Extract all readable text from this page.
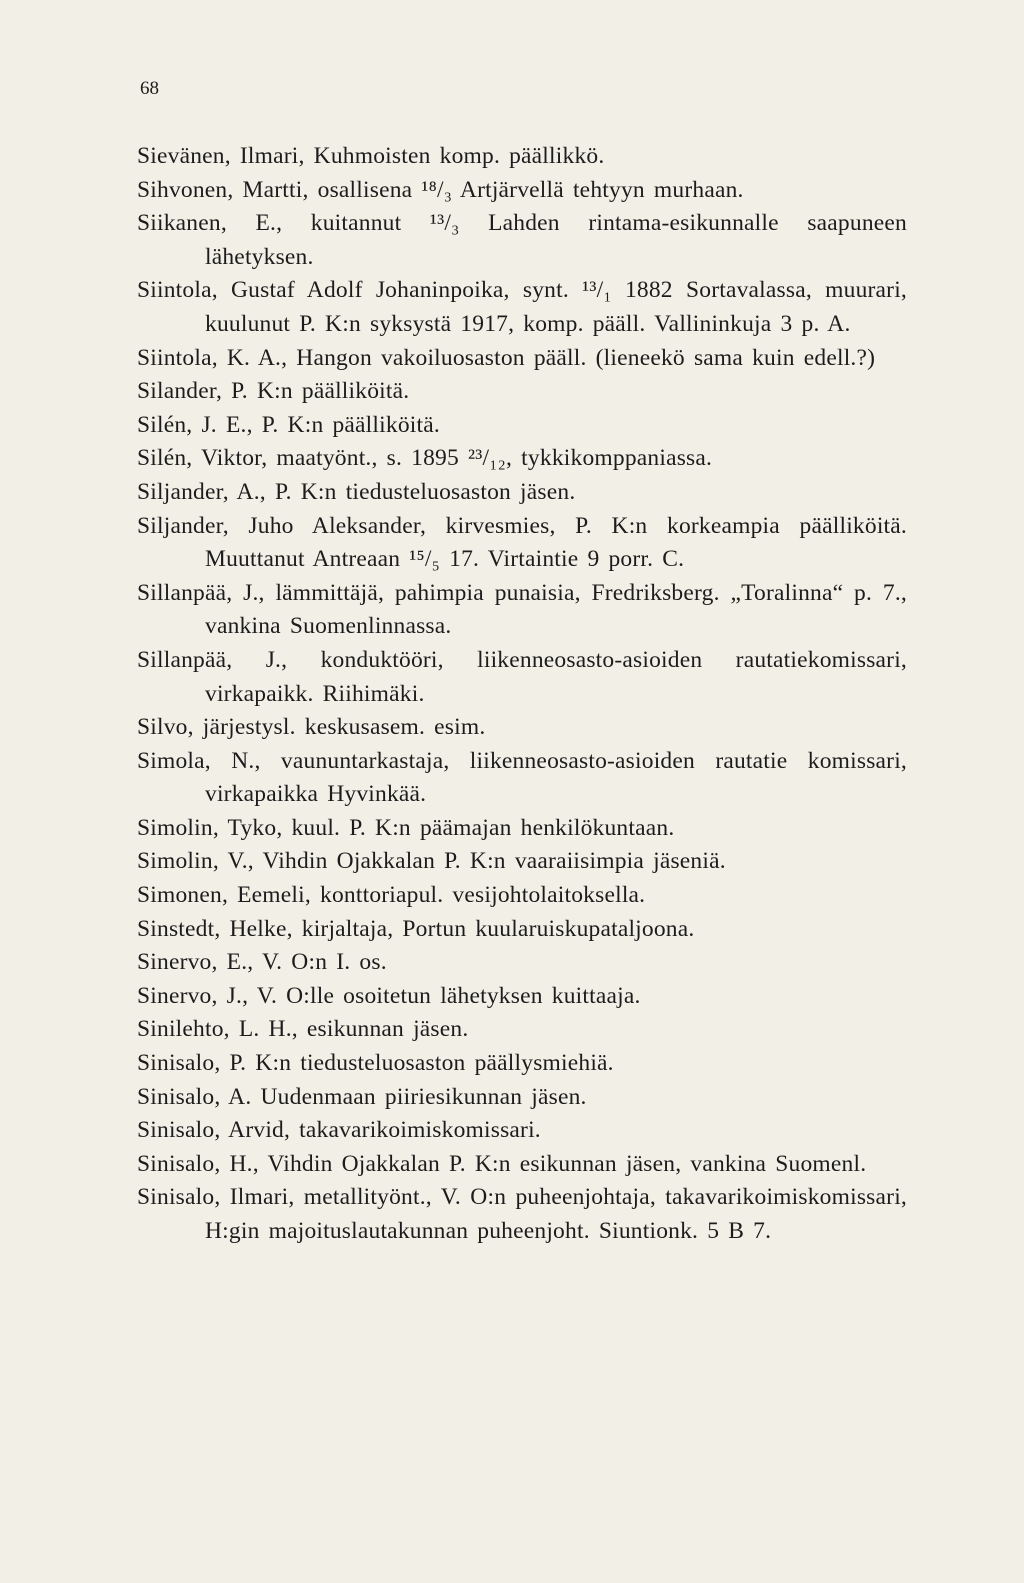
68
Sievänen, Ilmari, Kuhmoisten komp. päällikkö.
Sihvonen, Martti, osallisena ¹⁸/₃ Artjärvellä tehtyyn murhaan.
Siikanen, E., kuitannut ¹³/₃ Lahden rintama-esikunnalle saapuneen lähetyksen.
Siintola, Gustaf Adolf Johaninpoika, synt. ¹³/₁ 1882 Sortavalassa, muurari, kuulunut P. K:n syksystä 1917, komp. pääll. Vallininkuja 3 p. A.
Siintola, K. A., Hangon vakoiluosaston pääll. (lieneekö sama kuin edell.?)
Silander, P. K:n päälliköitä.
Silén, J. E., P. K:n päälliköitä.
Silén, Viktor, maatyönt., s. 1895 ²³/₁₂, tykkikomppaniassa.
Siljander, A., P. K:n tiedusteluosaston jäsen.
Siljander, Juho Aleksander, kirvesmies, P. K:n korkeampia päälliköitä. Muuttanut Antreaan ¹⁵/₅ 17. Virtaintie 9 porr. C.
Sillanpää, J., lämmittäjä, pahimpia punaisia, Fredriksberg. „Toralinna“ p. 7., vankina Suomenlinnassa.
Sillanpää, J., konduktööri, liikenneosasto-asioiden rautatiekomissari, virkapaikk. Riihimäki.
Silvo, järjestysl. keskusasem. esim.
Simola, N., vaununtarkastaja, liikenneosasto-asioiden rautatie komissari, virkapaikka Hyvinkää.
Simolin, Tyko, kuul. P. K:n päämajan henkilökuntaan.
Simolin, V., Vihdin Ojakkalan P. K:n vaaraiisimpia jäseniä.
Simonen, Eemeli, konttoriapul. vesijohtolaitoksella.
Sinstedt, Helke, kirjaltaja, Portun kuularuiskupataljoona.
Sinervo, E., V. O:n I. os.
Sinervo, J., V. O:lle osoitetun lähetyksen kuittaaja.
Sinilehto, L. H., esikunnan jäsen.
Sinisalo, P. K:n tiedusteluosaston päällysmiehiä.
Sinisalo, A. Uudenmaan piiriesikunnan jäsen.
Sinisalo, Arvid, takavarikoimiskomissari.
Sinisalo, H., Vihdin Ojakkalan P. K:n esikunnan jäsen, vankina Suomenl.
Sinisalo, Ilmari, metallityönt., V. O:n puheenjohtaja, takavarikoimiskomissari, H:gin majoituslautakunnan puheenjoht. Siuntionk. 5 B 7.
